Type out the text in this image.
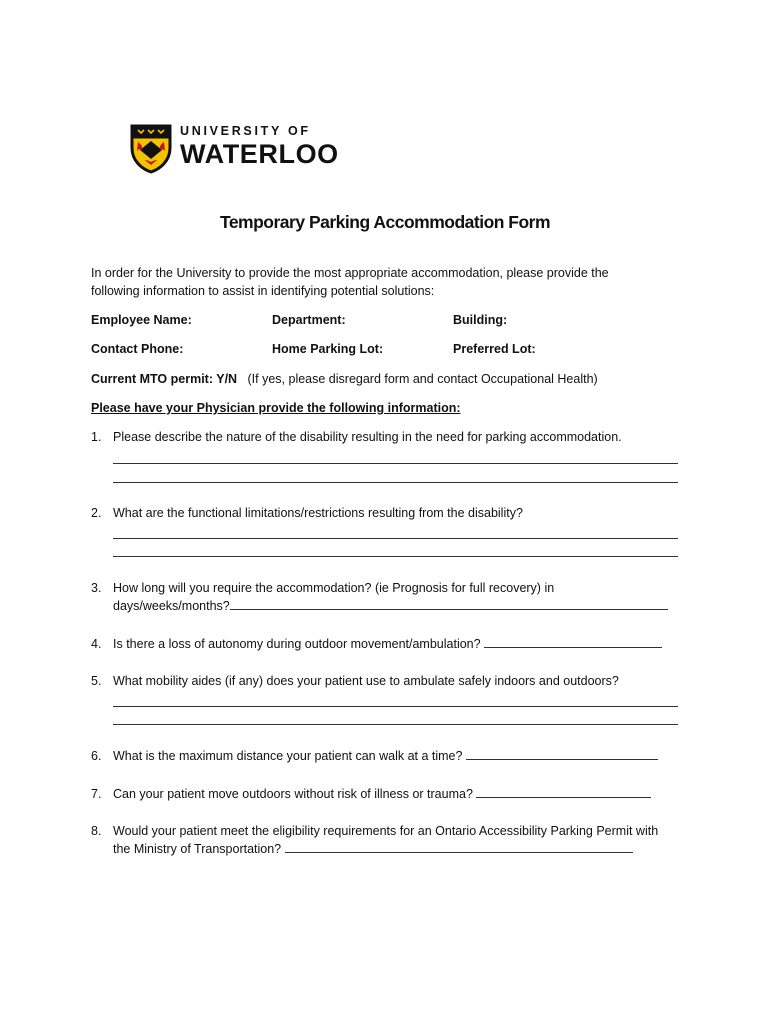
UNIVERSITY OF
WATERLOO
Temporary Parking Accommodation Form
In order for the University to provide the most appropriate accommodation, please provide the
following information to assist in identifying potential solutions:
Employee Name:	Department:	Building:
Contact Phone:	Home Parking Lot:	Preferred Lot:
Current MTO permit: Y/N (If yes, please disregard form and contact Occupational Health)
Please have your Physician provide the following information:
1. Please describe the nature of the disability resulting in the need for parking accommodation.
2. What are the functional limitations/restrictions resulting from the disability?
3. How long will you require the accommodation? (ie Prognosis for full recovery) in
days/weeks/months?
4. Is there a loss of autonomy during outdoor movement/ambulation?
5. What mobility aides (if any) does your patient use to ambulate safely indoors and outdoors?
6. What is the maximum distance your patient can walk at a time?
7. Can your patient move outdoors without risk of illness or trauma?
8. Would your patient meet the eligibility requirements for an Ontario Accessibility Parking Permit with
the Ministry of Transportation?
